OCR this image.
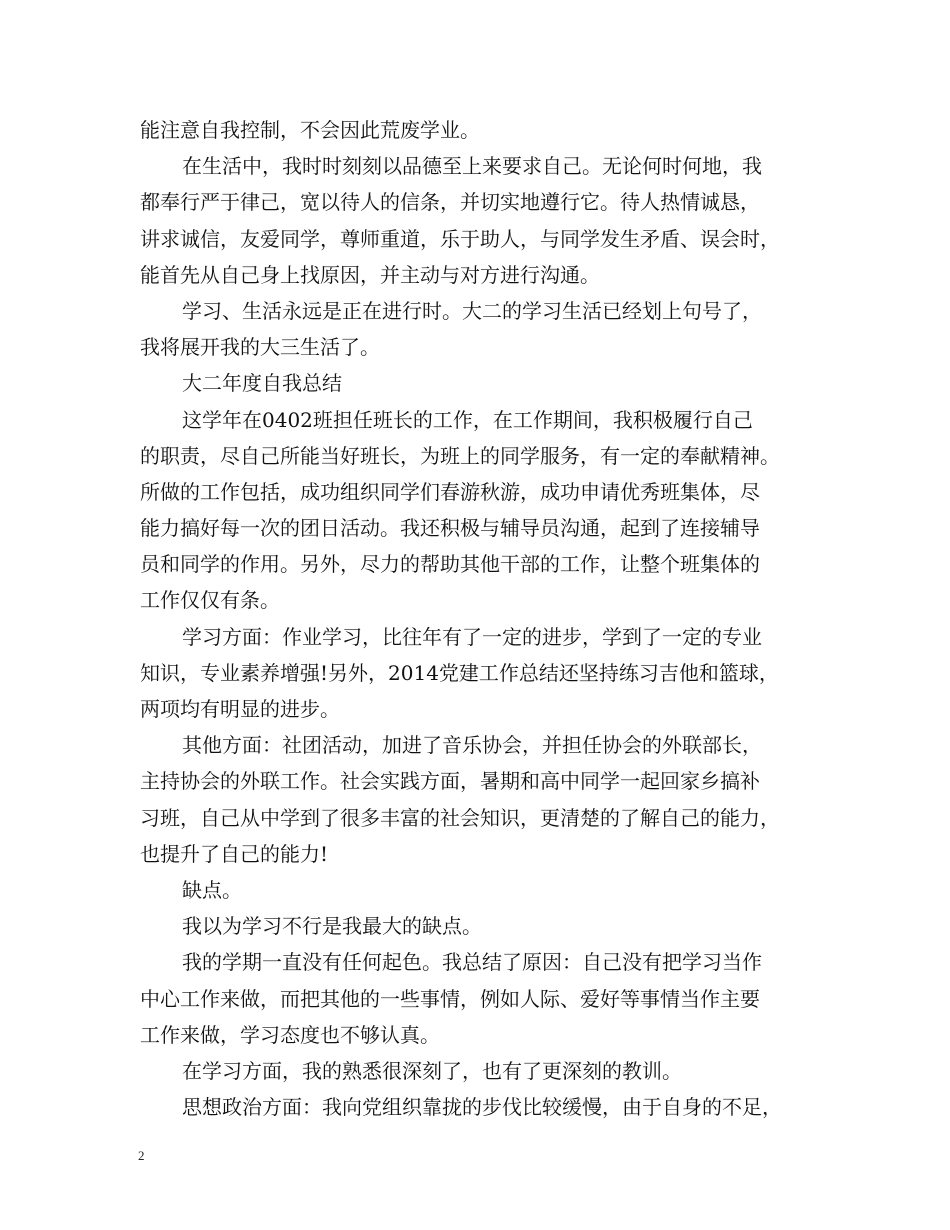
能注意自我控制，不会因此荒废学业。
在生活中，我时时刻刻以品德至上来要求自己。无论何时何地，我
都奉行严于律己，宽以待人的信条，并切实地遵行它。待人热情诚恳，
讲求诚信，友爱同学，尊师重道，乐于助人，与同学发生矛盾、误会时，
能首先从自己身上找原因，并主动与对方进行沟通。
学习、生活永远是正在进行时。大二的学习生活已经划上句号了，
我将展开我的大三生活了。
大二年度自我总结
这学年在0402班担任班长的工作，在工作期间，我积极履行自己
的职责，尽自己所能当好班长，为班上的同学服务，有一定的奉献精神。
所做的工作包括，成功组织同学们春游秋游，成功申请优秀班集体，尽
能力搞好每一次的团日活动。我还积极与辅导员沟通，起到了连接辅导
员和同学的作用。另外，尽力的帮助其他干部的工作，让整个班集体的
工作仅仅有条。
学习方面：作业学习，比往年有了一定的进步，学到了一定的专业
知识，专业素养增强!另外，2014党建工作总结还坚持练习吉他和篮球，
两项均有明显的进步。
其他方面：社团活动，加进了音乐协会，并担任协会的外联部长，
主持协会的外联工作。社会实践方面，暑期和高中同学一起回家乡搞补
习班，自己从中学到了很多丰富的社会知识，更清楚的了解自己的能力，
也提升了自己的能力!
缺点。
我以为学习不行是我最大的缺点。
我的学期一直没有任何起色。我总结了原因：自己没有把学习当作
中心工作来做，而把其他的一些事情，例如人际、爱好等事情当作主要
工作来做，学习态度也不够认真。
在学习方面，我的熟悉很深刻了，也有了更深刻的教训。
思想政治方面：我向党组织靠拢的步伐比较缓慢，由于自身的不足，
2
